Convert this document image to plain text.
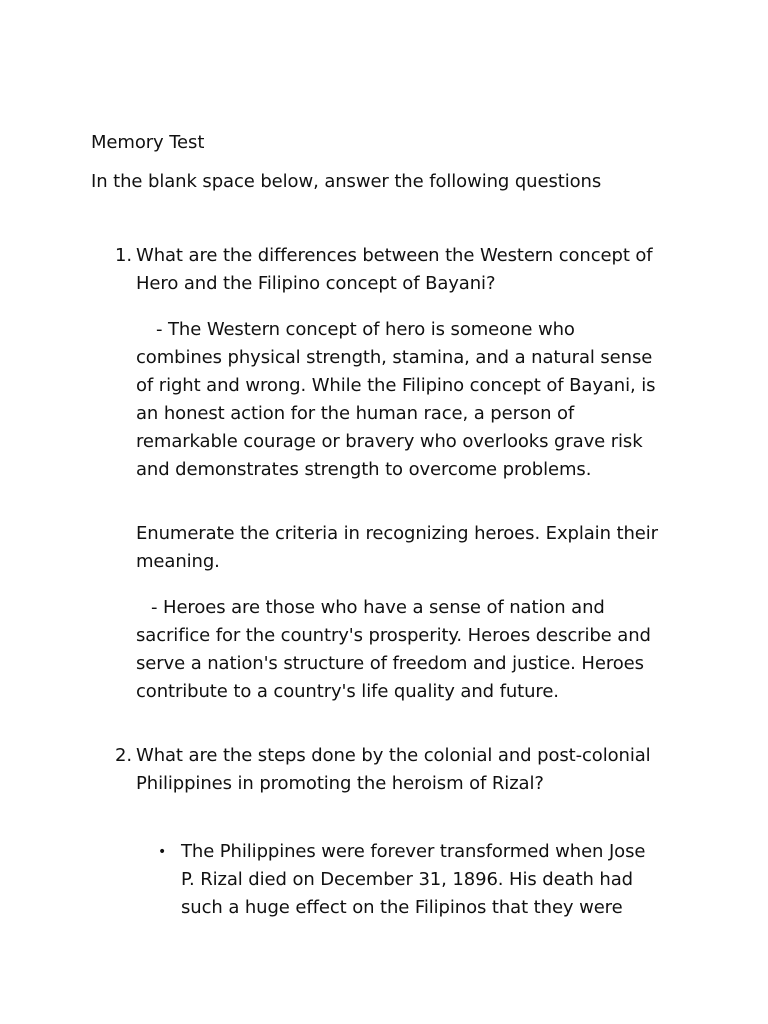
Memory Test
In the blank space below, answer the following questions
1. What are the differences between the Western concept of
Hero and the Filipino concept of Bayani?
- The Western concept of hero is someone who
combines physical strength, stamina, and a natural sense
of right and wrong. While the Filipino concept of Bayani, is
an honest action for the human race, a person of
remarkable courage or bravery who overlooks grave risk
and demonstrates strength to overcome problems.
Enumerate the criteria in recognizing heroes. Explain their
meaning.
- Heroes are those who have a sense of nation and
sacrifice for the country's prosperity. Heroes describe and
serve a nation's structure of freedom and justice. Heroes
contribute to a country's life quality and future.
2. What are the steps done by the colonial and post-colonial
Philippines in promoting the heroism of Rizal?
• The Philippines were forever transformed when Jose
P. Rizal died on December 31, 1896. His death had
such a huge effect on the Filipinos that they were
